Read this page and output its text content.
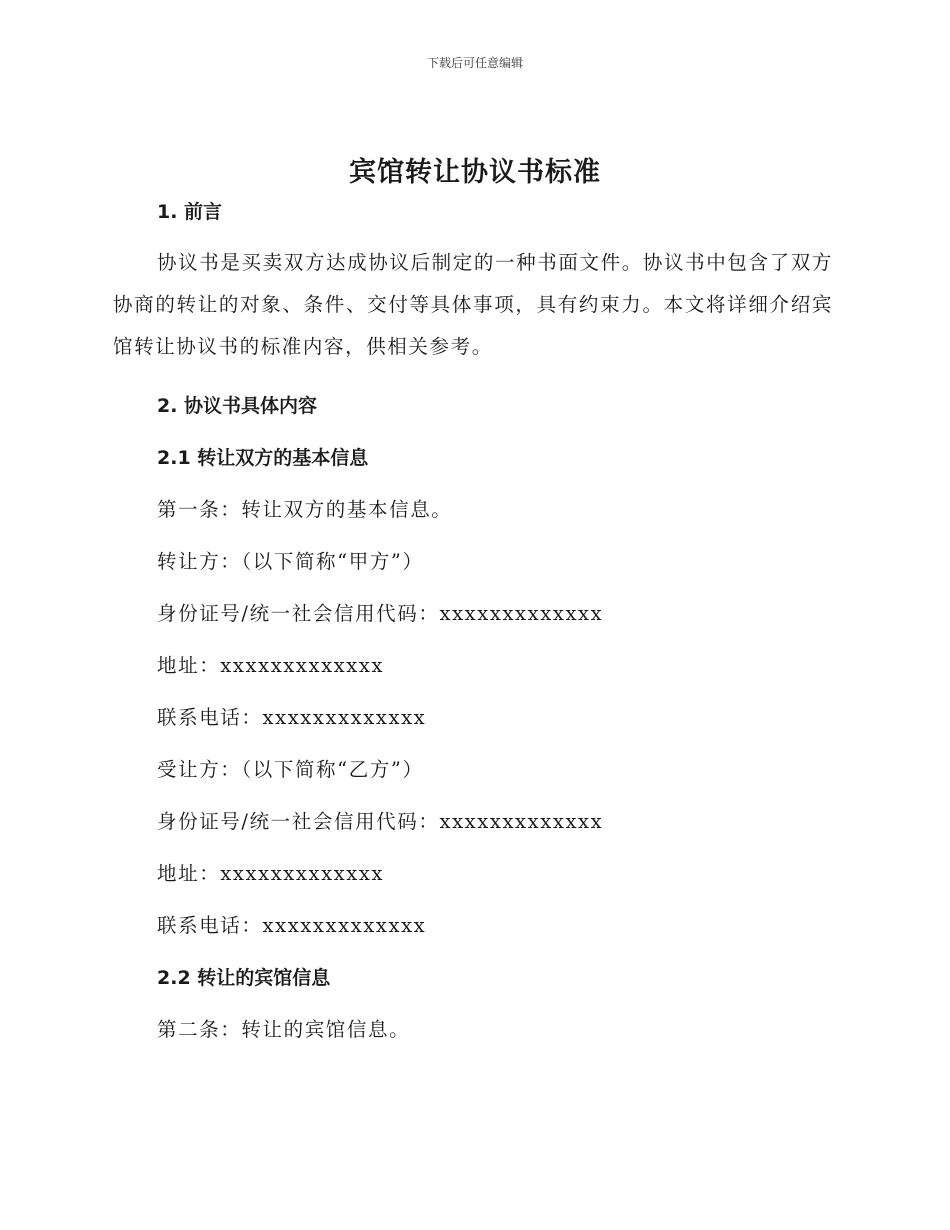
下载后可任意编辑
宾馆转让协议书标准

1. 前言

协议书是买卖双方达成协议后制定的一种书面文件。协议书中包含了双方协商的转让的对象、条件、交付等具体事项，具有约束力。本文将详细介绍宾馆转让协议书的标准内容，供相关参考。

2. 协议书具体内容

2.1 转让双方的基本信息

第一条：转让双方的基本信息。

转让方：（以下简称“甲方”）

身份证号/统一社会信用代码：xxxxxxxxxxxxx

地址：xxxxxxxxxxxxx

联系电话：xxxxxxxxxxxxx

受让方：（以下简称“乙方”）

身份证号/统一社会信用代码：xxxxxxxxxxxxx

地址：xxxxxxxxxxxxx

联系电话：xxxxxxxxxxxxx

2.2 转让的宾馆信息

第二条：转让的宾馆信息。
